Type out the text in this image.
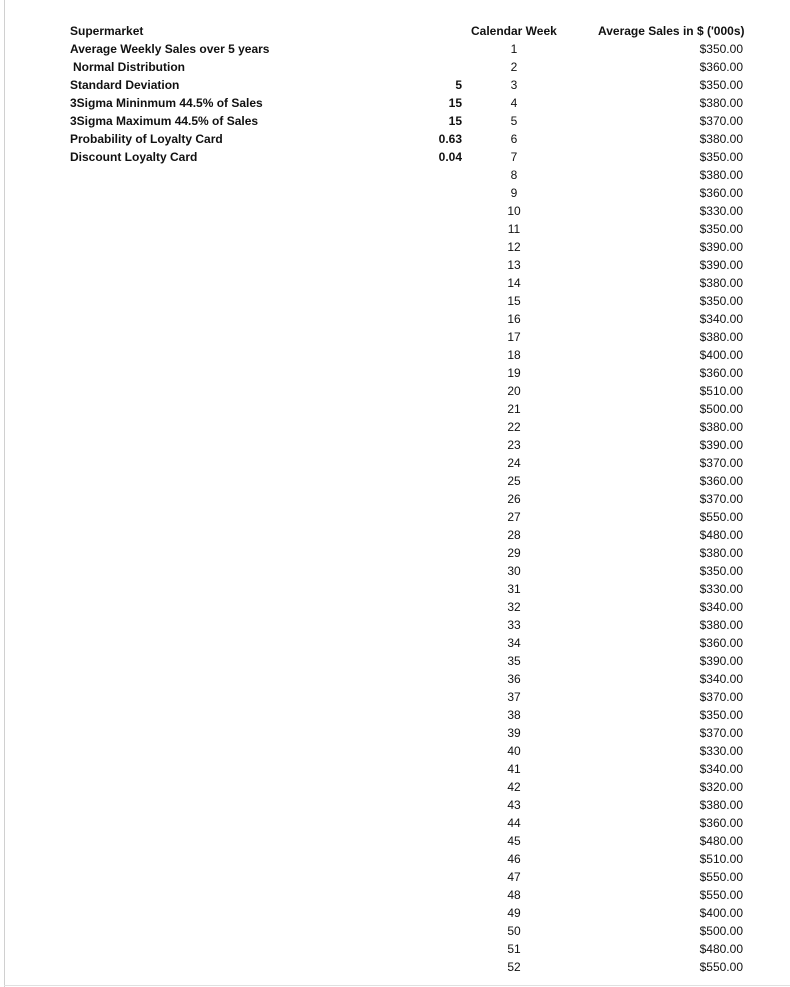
Supermarket
Average Weekly Sales over 5 years
Normal Distribution
Standard Deviation	5
3Sigma Mininmum 44.5% of Sales	15
3Sigma Maximum 44.5% of Sales	15
Probability of Loyalty Card	0.63
Discount Loyalty Card	0.04
Calendar Week	Average Sales in $ ('000s)
1	$350.00
2	$360.00
3	$350.00
4	$380.00
5	$370.00
6	$380.00
7	$350.00
8	$380.00
9	$360.00
10	$330.00
11	$350.00
12	$390.00
13	$390.00
14	$380.00
15	$350.00
16	$340.00
17	$380.00
18	$400.00
19	$360.00
20	$510.00
21	$500.00
22	$380.00
23	$390.00
24	$370.00
25	$360.00
26	$370.00
27	$550.00
28	$480.00
29	$380.00
30	$350.00
31	$330.00
32	$340.00
33	$380.00
34	$360.00
35	$390.00
36	$340.00
37	$370.00
38	$350.00
39	$370.00
40	$330.00
41	$340.00
42	$320.00
43	$380.00
44	$360.00
45	$480.00
46	$510.00
47	$550.00
48	$550.00
49	$400.00
50	$500.00
51	$480.00
52	$550.00
